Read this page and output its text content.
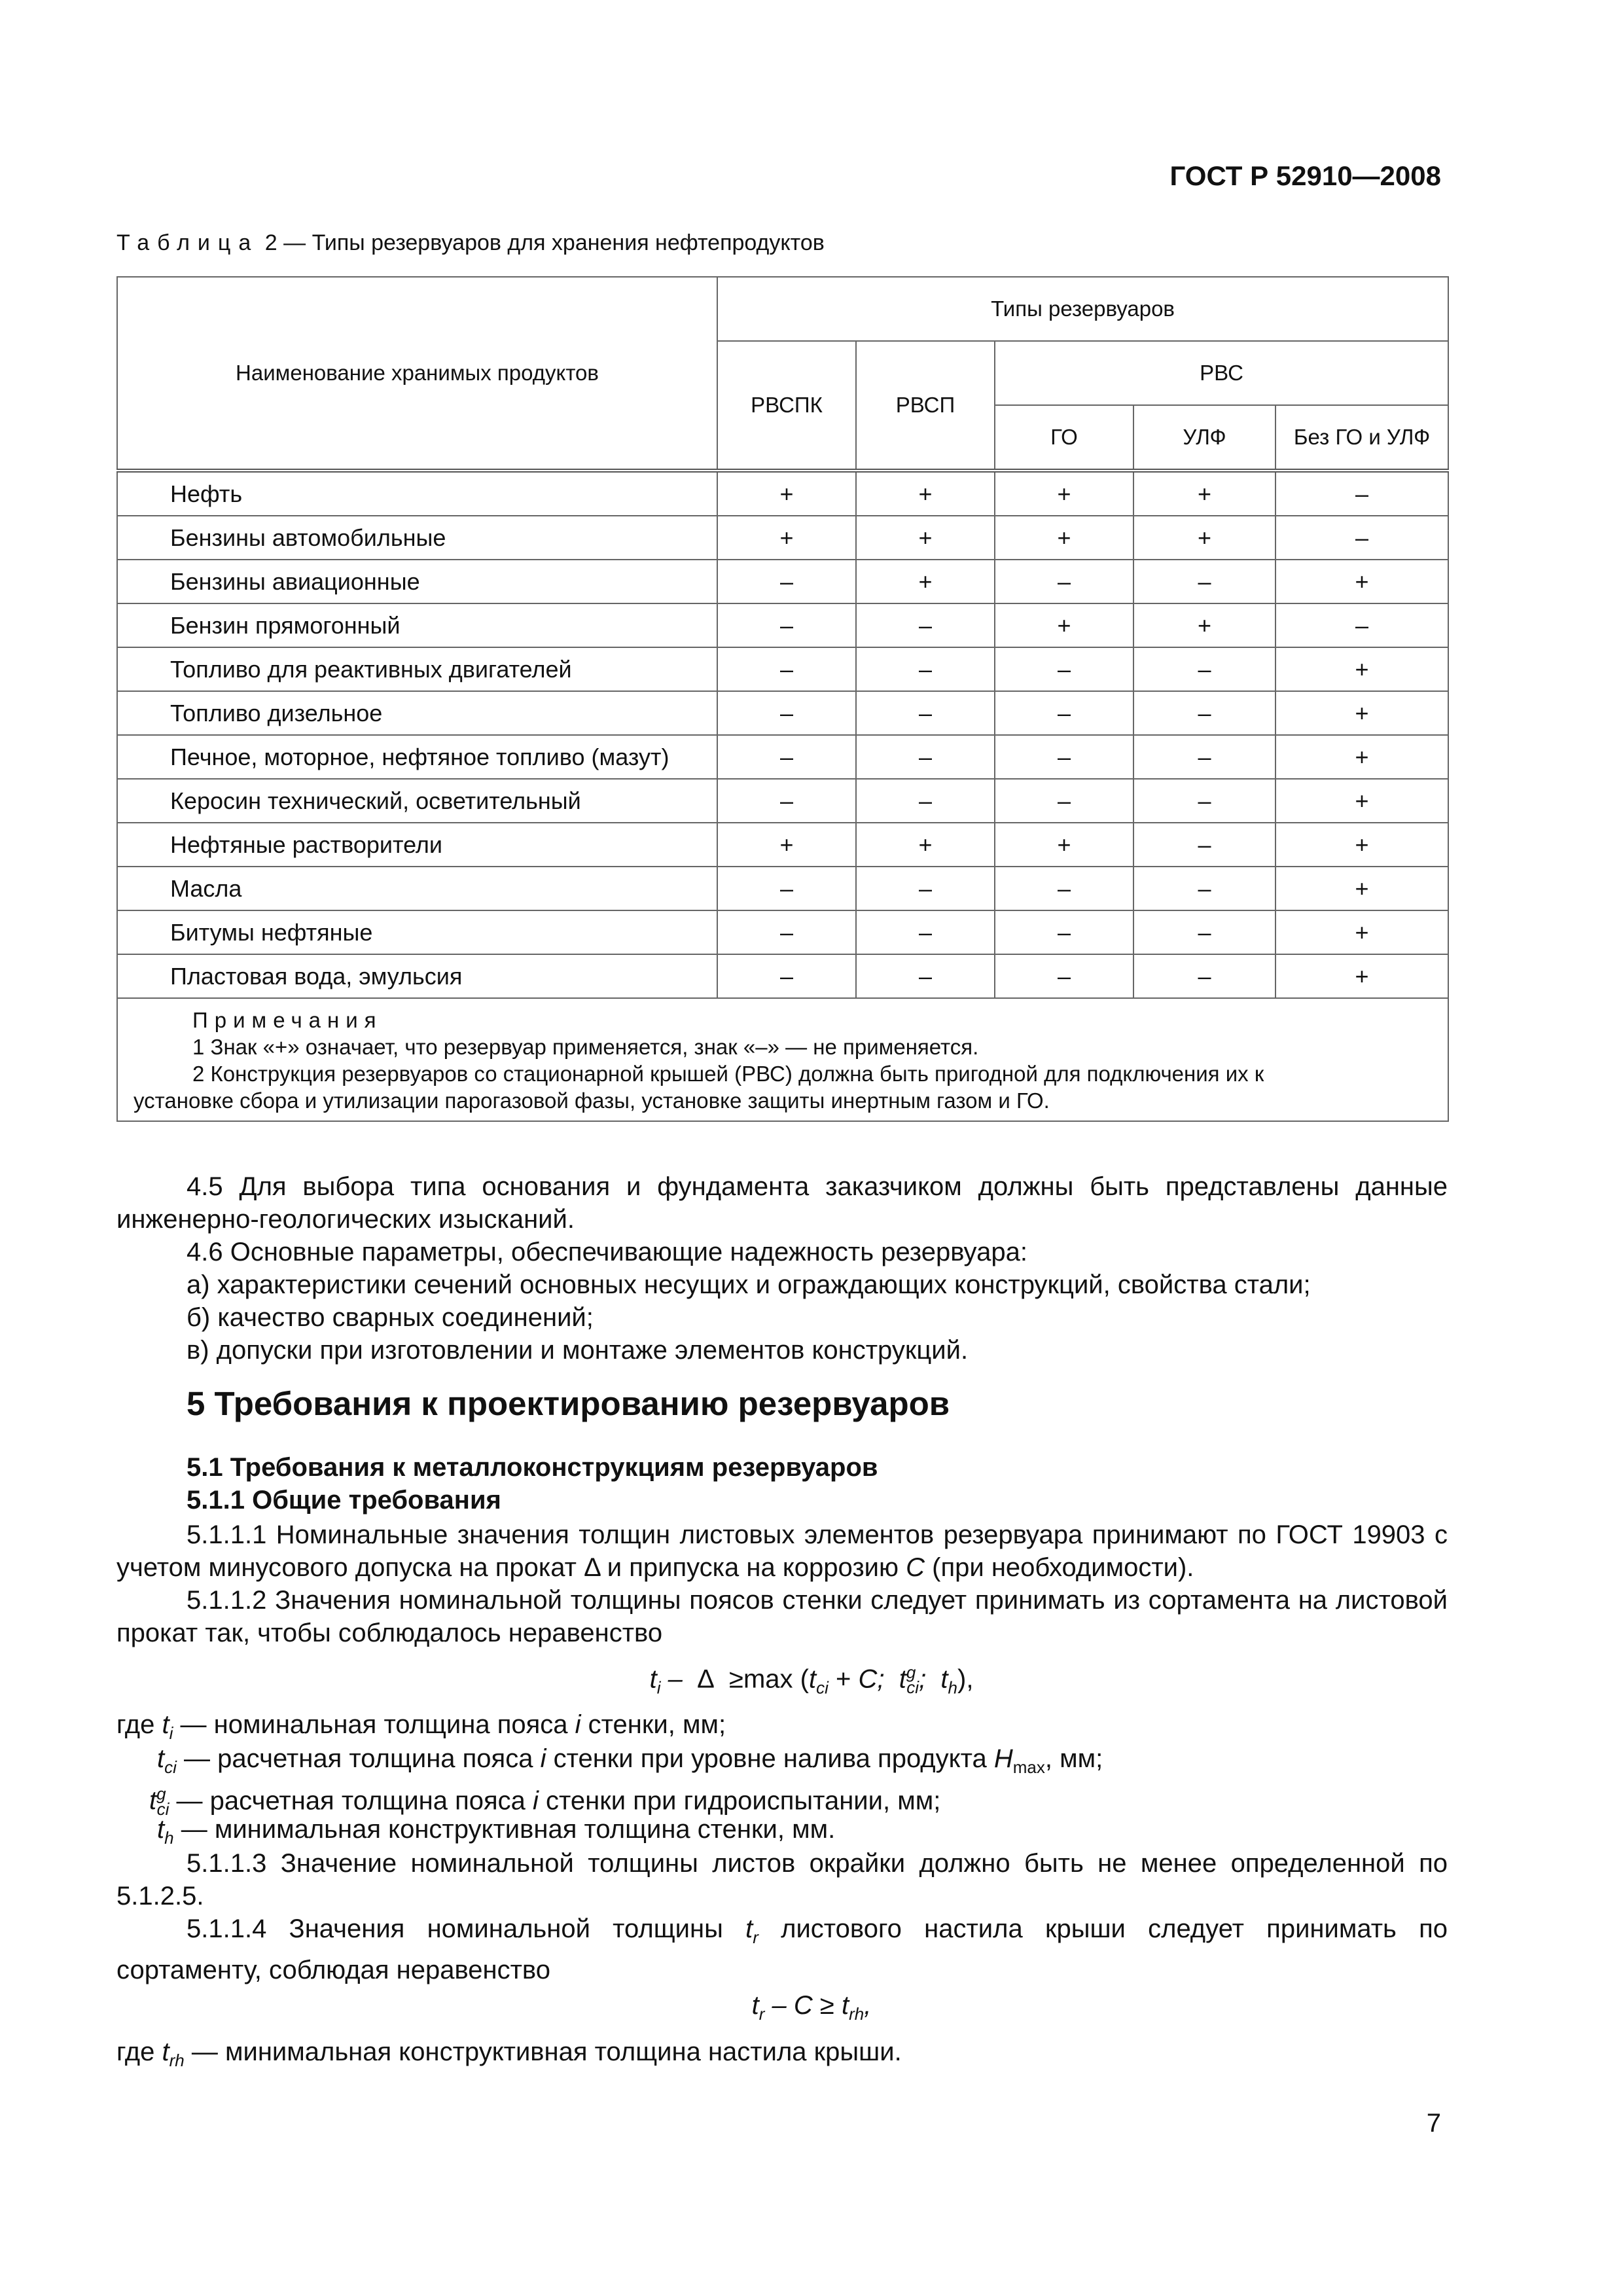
ГОСТ Р 52910—2008
Таблица 2 — Типы резервуаров для хранения нефтепродуктов
Наименование хранимых продуктов	Типы резервуаров				
	РВСПК	РВСП	РВС		
			ГО	УЛФ	Без ГО и УЛФ
Нефть	+	+	+	+	–
Бензины автомобильные	+	+	+	+	–
Бензины авиационные	–	+	–	–	+
Бензин прямогонный	–	–	+	+	–
Топливо для реактивных двигателей	–	–	–	–	+
Топливо дизельное	–	–	–	–	+
Печное, моторное, нефтяное топливо (мазут)	–	–	–	–	+
Керосин технический, осветительный	–	–	–	–	+
Нефтяные растворители	+	+	+	–	+
Масла	–	–	–	–	+
Битумы нефтяные	–	–	–	–	+
Пластовая вода, эмульсия	–	–	–	–	+

Примечания
1 Знак «+» означает, что резервуар применяется, знак «–» — не применяется.
2 Конструкция резервуаров со стационарной крышей (РВС) должна быть пригодной для подключения их к
установке сбора и утилизации парогазовой фазы, установке защиты инертным газом и ГО.					
4.5 Для выбора типа основания и фундамента заказчиком должны быть представлены данные инженерно-геологических изысканий.
4.6 Основные параметры, обеспечивающие надежность резервуара:
а) характеристики сечений основных несущих и ограждающих конструкций, свойства стали;
б) качество сварных соединений;
в) допуски при изготовлении и монтаже элементов конструкций.
5 Требования к проектированию резервуаров
5.1 Требования к металлоконструкциям резервуаров
5.1.1 Общие требования
5.1.1.1 Номинальные значения толщин листовых элементов резервуара принимают по ГОСТ 19903 с учетом минусового допуска на прокат Δ и припуска на коррозию C (при необходимости).
5.1.1.2 Значения номинальной толщины поясов стенки следует принимать из сортамента на листовой прокат так, чтобы соблюдалось неравенство
$t_i - \Delta \ge\max$ ($t_{ci} + C$;  $t^g_{ci}$;  $t_h$),
где $t_i$ — номинальная толщина пояса i стенки, мм;
$t_{ci}$ — расчетная толщина пояса i стенки при уровне налива продукта $H_{max}$, мм;
$t^g_{ci}$ — расчетная толщина пояса i стенки при гидроиспытании, мм;
$t_h$ — минимальная конструктивная толщина стенки, мм.
5.1.1.3 Значение номинальной толщины листов окрайки должно быть не менее определенной по 5.1.2.5.
5.1.1.4 Значения номинальной толщины $t_r$ листового настила крыши следует принимать по сортаменту, соблюдая неравенство
$t_r - C \ge t_{rh}$,
где $t_{rh}$ — минимальная конструктивная толщина настила крыши.
7
